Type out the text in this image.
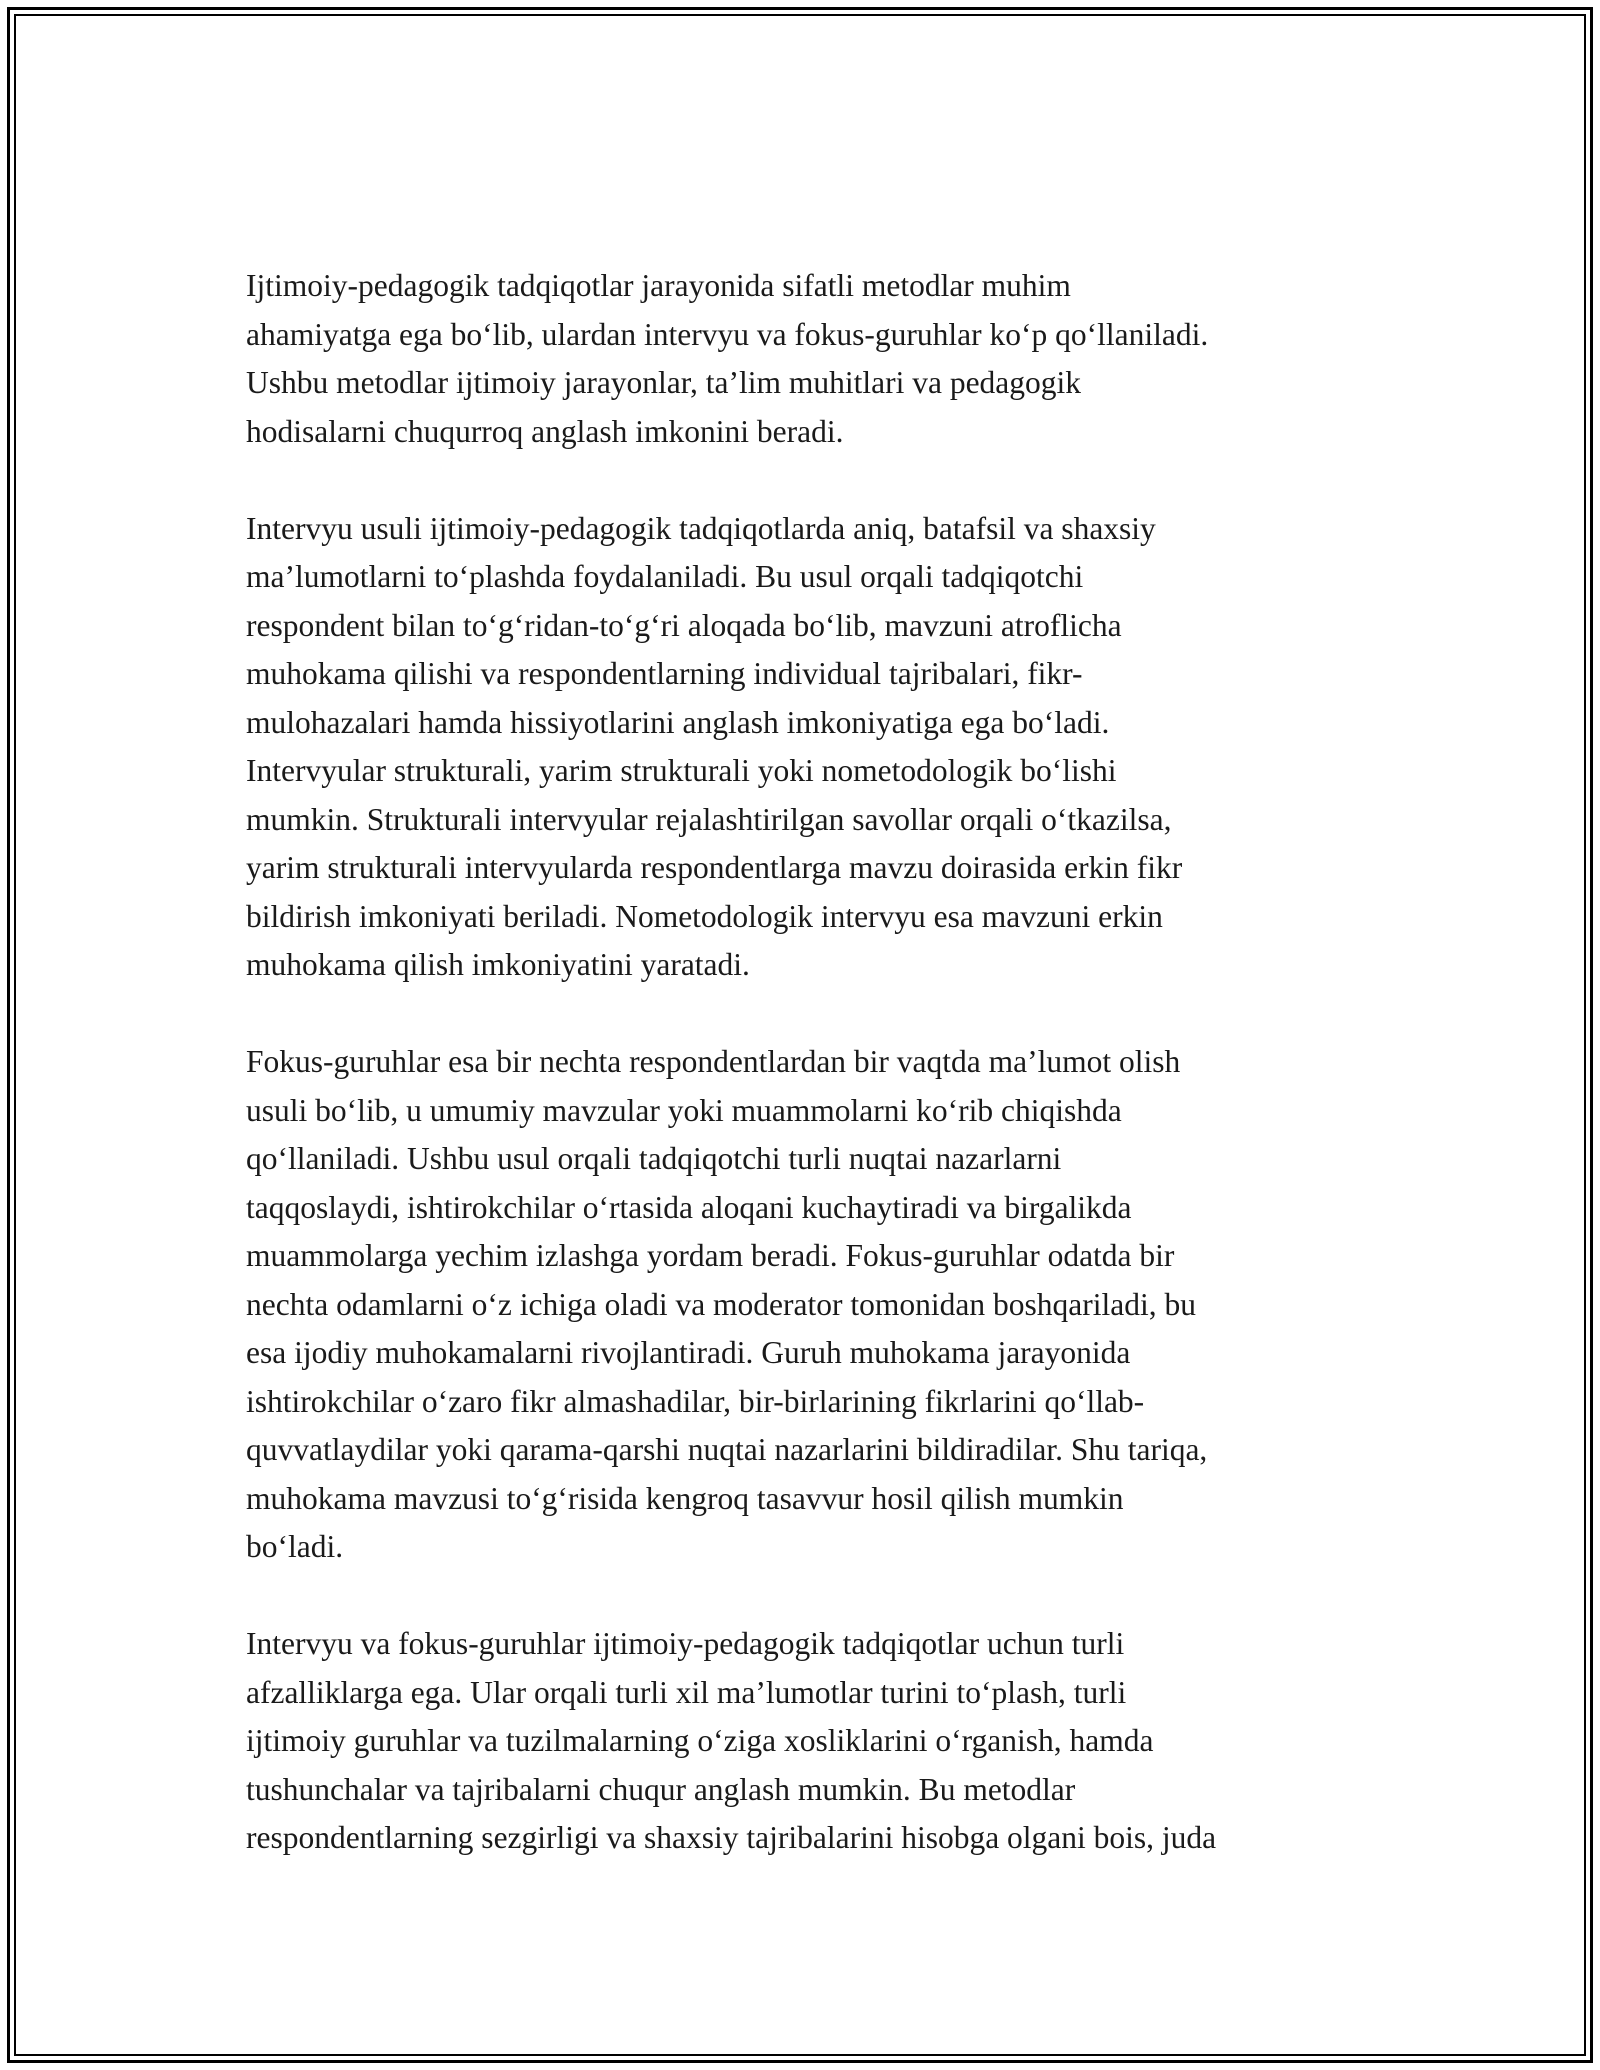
Ijtimoiy-pedagogik tadqiqotlar jarayonida sifatli metodlar muhim
ahamiyatga ega boʻlib, ulardan intervyu va fokus-guruhlar koʻp qoʻllaniladi.
Ushbu metodlar ijtimoiy jarayonlar, taʼlim muhitlari va pedagogik
hodisalarni chuqurroq anglash imkonini beradi.

Intervyu usuli ijtimoiy-pedagogik tadqiqotlarda aniq, batafsil va shaxsiy
maʼlumotlarni toʻplashda foydalaniladi. Bu usul orqali tadqiqotchi
respondent bilan toʻgʻridan-toʻgʻri aloqada boʻlib, mavzuni atroflicha
muhokama qilishi va respondentlarning individual tajribalari, fikr-
mulohazalari hamda hissiyotlarini anglash imkoniyatiga ega boʻladi.
Intervyular strukturali, yarim strukturali yoki nometodologik boʻlishi
mumkin. Strukturali intervyular rejalashtirilgan savollar orqali oʻtkazilsa,
yarim strukturali intervyularda respondentlarga mavzu doirasida erkin fikr
bildirish imkoniyati beriladi. Nometodologik intervyu esa mavzuni erkin
muhokama qilish imkoniyatini yaratadi.

Fokus-guruhlar esa bir nechta respondentlardan bir vaqtda maʼlumot olish
usuli boʻlib, u umumiy mavzular yoki muammolarni koʻrib chiqishda
qoʻllaniladi. Ushbu usul orqali tadqiqotchi turli nuqtai nazarlarni
taqqoslaydi, ishtirokchilar oʻrtasida aloqani kuchaytiradi va birgalikda
muammolarga yechim izlashga yordam beradi. Fokus-guruhlar odatda bir
nechta odamlarni oʻz ichiga oladi va moderator tomonidan boshqariladi, bu
esa ijodiy muhokamalarni rivojlantiradi. Guruh muhokama jarayonida
ishtirokchilar oʻzaro fikr almashadilar, bir-birlarining fikrlarini qoʻllab-
quvvatlaydilar yoki qarama-qarshi nuqtai nazarlarini bildiradilar. Shu tariqa,
muhokama mavzusi toʻgʻrisida kengroq tasavvur hosil qilish mumkin
boʻladi.

Intervyu va fokus-guruhlar ijtimoiy-pedagogik tadqiqotlar uchun turli
afzalliklarga ega. Ular orqali turli xil maʼlumotlar turini toʻplash, turli
ijtimoiy guruhlar va tuzilmalarning oʻziga xosliklarini oʻrganish, hamda
tushunchalar va tajribalarni chuqur anglash mumkin. Bu metodlar
respondentlarning sezgirligi va shaxsiy tajribalarini hisobga olgani bois, juda
